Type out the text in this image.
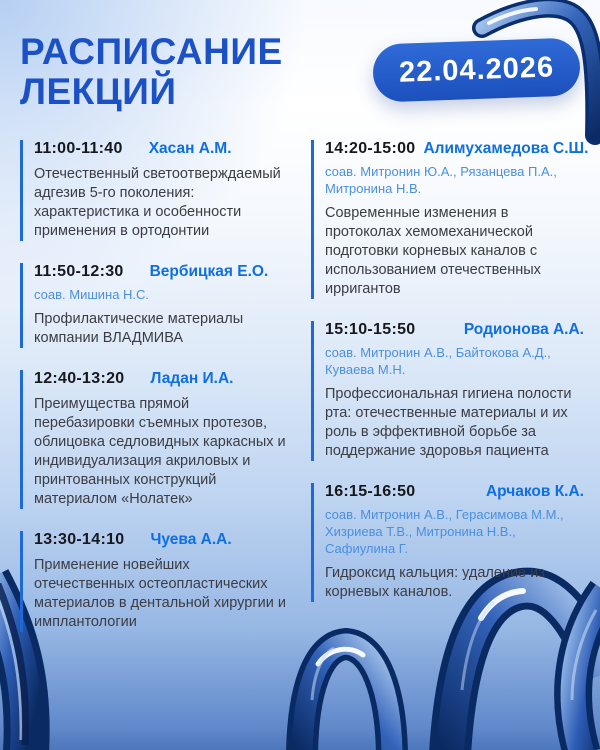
РАСПИСАНИЕ
ЛЕКЦИЙ
22.04.2026
11:00-11:40 Хасан А.М.

Отечественный светоотверждаемый адгезив 5-го поколения: характеристика и особенности применения в ортодонтии

11:50-12:30 Вербицкая Е.О.
соав. Мишина Н.С.

Профилактические материалы компании ВЛАДМИВА

12:40-13:20 Ладан И.А.

Преимущества прямой перебазировки съемных протезов, облицовка седловидных каркасных и индивидуализация акриловых и принтованных конструкций материалом «Нолатек»

13:30-14:10 Чуева А.А.

Применение новейших отечественных остеопластических материалов в дентальной хирургии и имплантологии

14:20-15:00 Алимухамедова С.Ш.
соав. Митронин Ю.А., Рязанцева П.А., Митронина Н.В.

Современные изменения в протоколах хемомеханической подготовки корневых каналов с использованием отечественных ирригантов

15:10-15:50	Родионова А.А.
соав. Митронин А.В., Байтокова А.Д., Куваева М.Н.

Профессиональная гигиена полости рта: отечественные материалы и их роль в эффективной борьбе за поддержание здоровья пациента

16:15-16:50	Арчаков К.А.
соав. Митронин А.В., Герасимова М.М., Хизриева Т.В., Митронина Н.В., Сафиулина Г.

Гидроксид кальция: удаление из корневых каналов.
